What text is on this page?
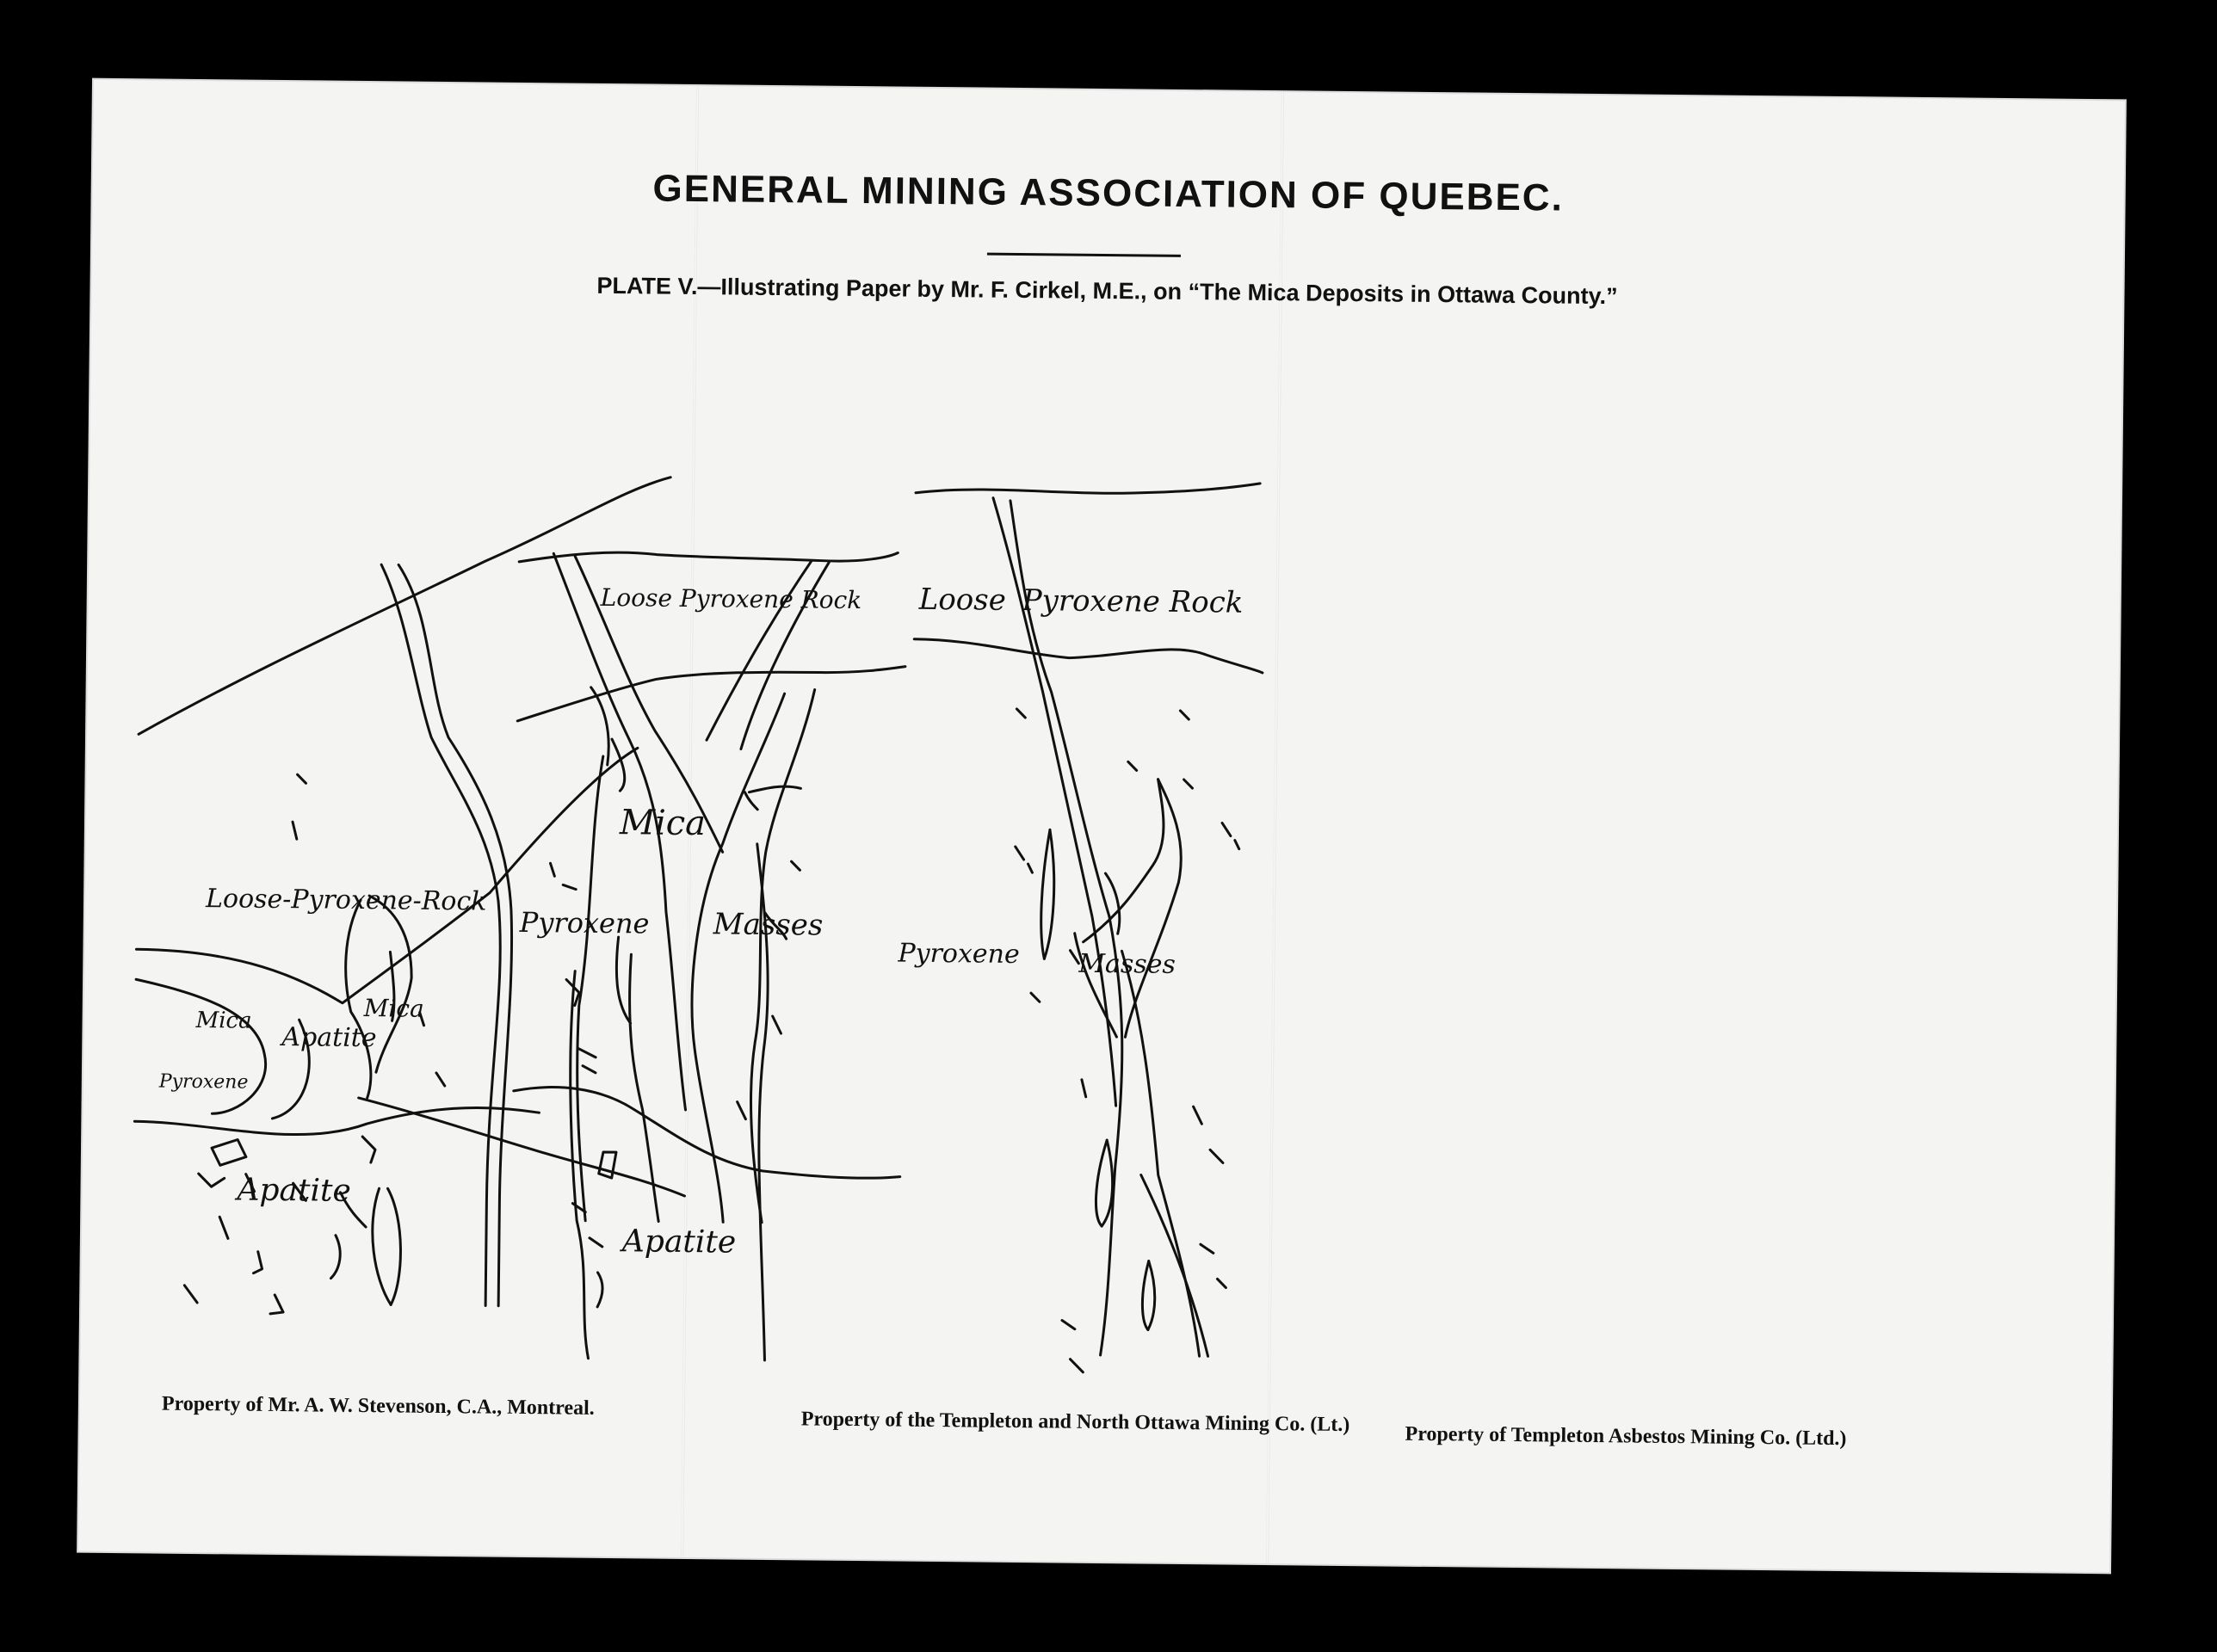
GENERAL MINING ASSOCIATION OF QUEBEC.
PLATE V.—Illustrating Paper by Mr. F. Cirkel, M.E., on “The Mica Deposits in Ottawa County.”
Loose-Pyroxene-Rock
Mica	Mica
Apatite
Pyroxene
Apatite
Loose Pyroxene Rock
Mica
Pyroxene Masses
Apatite
Loose Pyroxene Rock
Pyroxene Masses
Property of Mr. A. W. Stevenson, C.A., Montreal.
Property of the Templeton and North Ottawa Mining Co. (Lt.)
Property of Templeton Asbestos Mining Co. (Ltd.)
